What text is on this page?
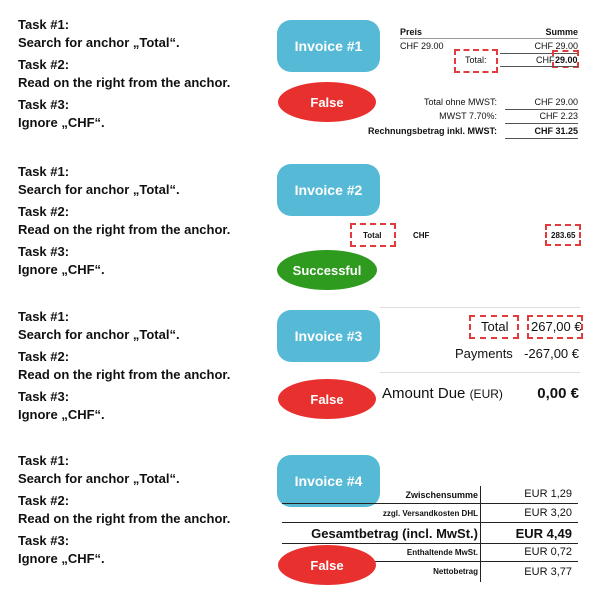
Task #1:
Search for anchor „Total“.
Task #2:
Read on the right from the anchor.
Task #3:
Ignore „CHF“.
Task #1:
Search for anchor „Total“.
Task #2:
Read on the right from the anchor.
Task #3:
Ignore „CHF“.
Task #1:
Search for anchor „Total“.
Task #2:
Read on the right from the anchor.
Task #3:
Ignore „CHF“.
Task #1:
Search for anchor „Total“.
Task #2:
Read on the right from the anchor.
Task #3:
Ignore „CHF“.
Invoice #1
False
Preis	Summe
CHF 29.00	CHF 29.00
Total:	CHF 29.00
Total ohne MWST:	CHF 29.00
MWST 7.70%:	CHF 2.23
Rechnungsbetrag inkl. MWST:	CHF 31.25
Invoice #2
Total	CHF	283.65
Successful
Invoice #3
Total 267,00 €
Payments -267,00 €
False	Amount Due (EUR) 0,00 €
Invoice #4
Zwischensumme	EUR 1,29
zzgl. Versandkosten DHL	EUR 3,20
Gesamtbetrag (incl. MwSt.)	EUR 4,49
Enthaltende MwSt.	EUR 0,72
Nettobetrag	EUR 3,77
False
